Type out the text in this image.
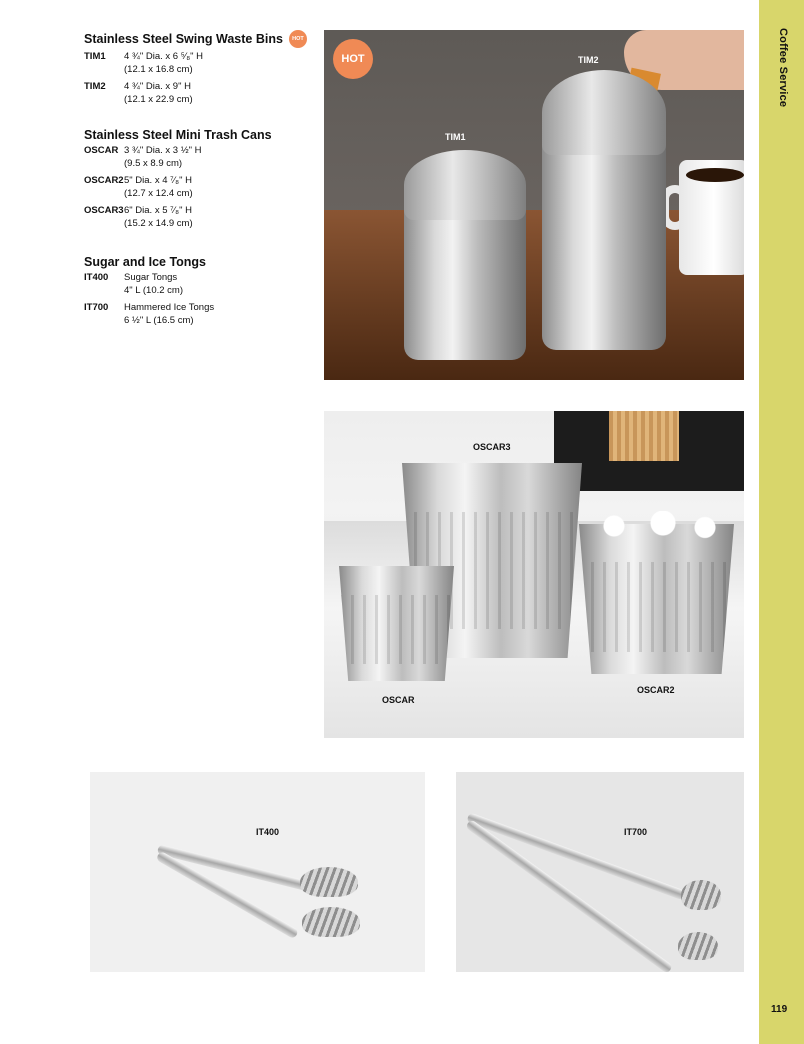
Coffee Service
119
Stainless Steel Swing Waste Bins	HOT
TIM1	4 ¾" Dia. x 6 ⁵⁄₈" H
(12.1 x 16.8 cm)
TIM2	4 ¾" Dia. x 9" H
(12.1 x 22.9 cm)
Stainless Steel Mini Trash Cans
OSCAR 3 ¾" Dia. x 3 ½" H
(9.5 x 8.9 cm)
OSCAR2 5" Dia. x 4 ⁷⁄₈" H
(12.7 x 12.4 cm)
OSCAR3 6" Dia. x 5 ⁷⁄₈" H
(15.2 x 14.9 cm)
Sugar and Ice Tongs
IT400	Sugar Tongs
4" L (10.2 cm)
IT700	Hammered Ice Tongs
6 ½" L (16.5 cm)
HOT
TIM1
TIM2
OSCAR3
OSCAR
OSCAR2
IT400	IT700
